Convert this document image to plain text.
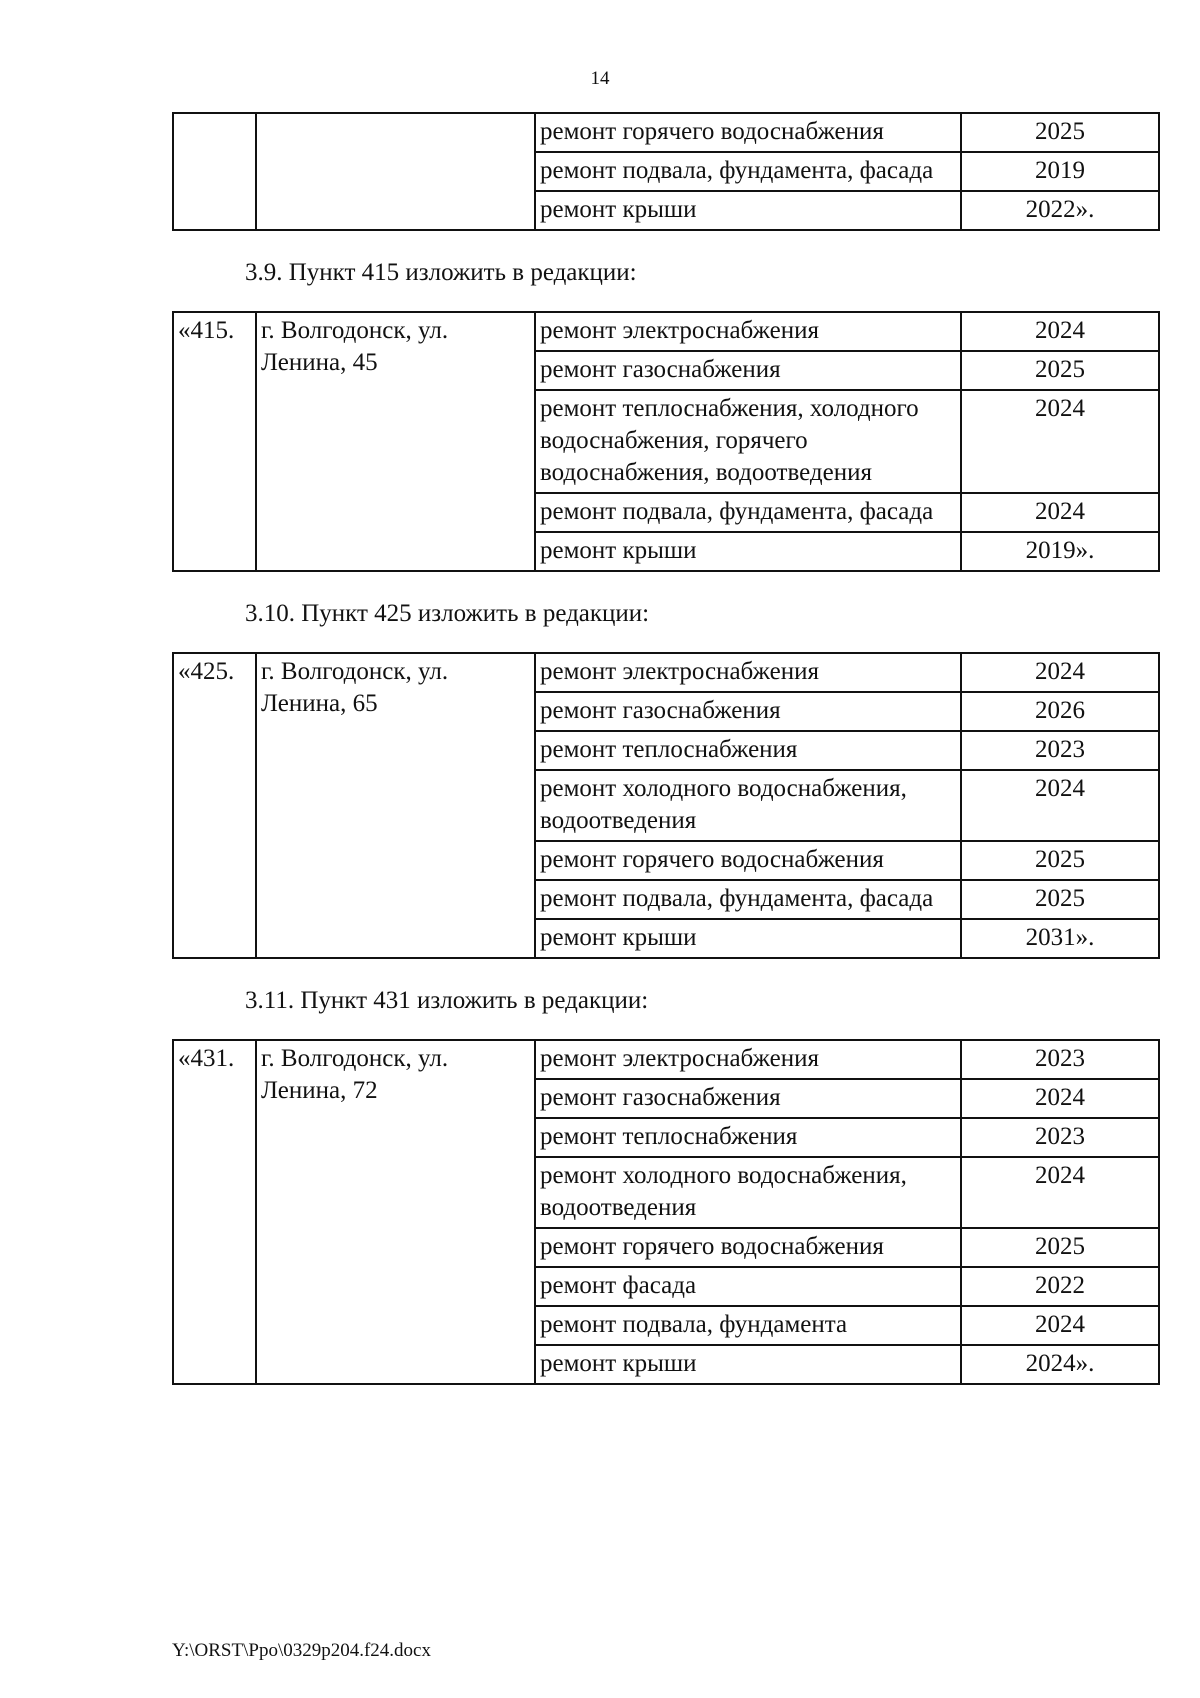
14
		ремонт горячего водоснабжения	2025
		ремонт подвала, фундамента, фасада	2019
		ремонт крыши	2022».
3.9. Пункт 415 изложить в редакции:
«415.	г. Волгодонск, ул. Ленина, 45	ремонт электроснабжения	2024
		ремонт газоснабжения	2025
		ремонт теплоснабжения, холодного водоснабжения, горячего водоснабжения, водоотведения	2024
		ремонт подвала, фундамента, фасада	2024
		ремонт крыши	2019».
3.10. Пункт 425 изложить в редакции:
«425.	г. Волгодонск, ул. Ленина, 65	ремонт электроснабжения	2024
		ремонт газоснабжения	2026
		ремонт теплоснабжения	2023
		ремонт холодного водоснабжения, водоотведения	2024
		ремонт горячего водоснабжения	2025
		ремонт подвала, фундамента, фасада	2025
		ремонт крыши	2031».
3.11. Пункт 431 изложить в редакции:
«431.	г. Волгодонск, ул. Ленина, 72	ремонт электроснабжения	2023
		ремонт газоснабжения	2024
		ремонт теплоснабжения	2023
		ремонт холодного водоснабжения, водоотведения	2024
		ремонт горячего водоснабжения	2025
		ремонт фасада	2022
		ремонт подвала, фундамента	2024
		ремонт крыши	2024».
Y:\ORST\Ppo\0329p204.f24.docx
